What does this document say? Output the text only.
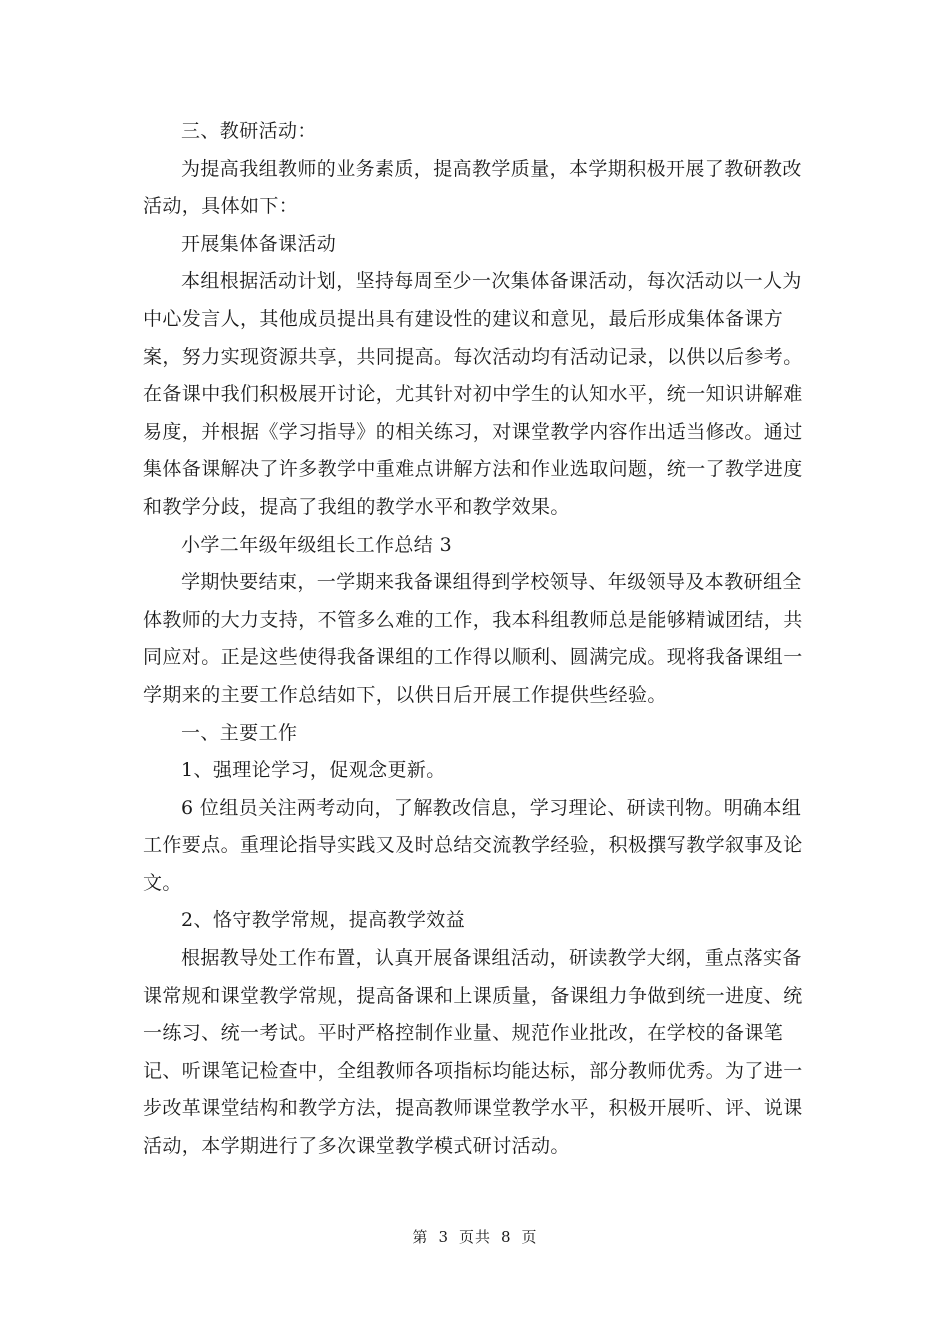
三、教研活动：

为提高我组教师的业务素质，提高教学质量，本学期积极开展了教研教改
活动，具体如下：

开展集体备课活动

本组根据活动计划，坚持每周至少一次集体备课活动，每次活动以一人为
中心发言人，其他成员提出具有建设性的建议和意见，最后形成集体备课方
案，努力实现资源共享，共同提高。每次活动均有活动记录，以供以后参考。
在备课中我们积极展开讨论，尤其针对初中学生的认知水平，统一知识讲解难
易度，并根据《学习指导》的相关练习，对课堂教学内容作出适当修改。通过
集体备课解决了许多教学中重难点讲解方法和作业选取问题，统一了教学进度
和教学分歧，提高了我组的教学水平和教学效果。

小学二年级年级组长工作总结 3

学期快要结束，一学期来我备课组得到学校领导、年级领导及本教研组全
体教师的大力支持，不管多么难的工作，我本科组教师总是能够精诚团结，共
同应对。正是这些使得我备课组的工作得以顺利、圆满完成。现将我备课组一
学期来的主要工作总结如下，以供日后开展工作提供些经验。

一、主要工作

1、强理论学习，促观念更新。

6 位组员关注两考动向，了解教改信息，学习理论、研读刊物。明确本组
工作要点。重理论指导实践又及时总结交流教学经验，积极撰写教学叙事及论
文。

2、恪守教学常规，提高教学效益

根据教导处工作布置，认真开展备课组活动，研读教学大纲，重点落实备
课常规和课堂教学常规，提高备课和上课质量，备课组力争做到统一进度、统
一练习、统一考试。平时严格控制作业量、规范作业批改，在学校的备课笔
记、听课笔记检查中，全组教师各项指标均能达标，部分教师优秀。为了进一
步改革课堂结构和教学方法，提高教师课堂教学水平，积极开展听、评、说课
活动，本学期进行了多次课堂教学模式研讨活动。

第 3 页共 8 页
